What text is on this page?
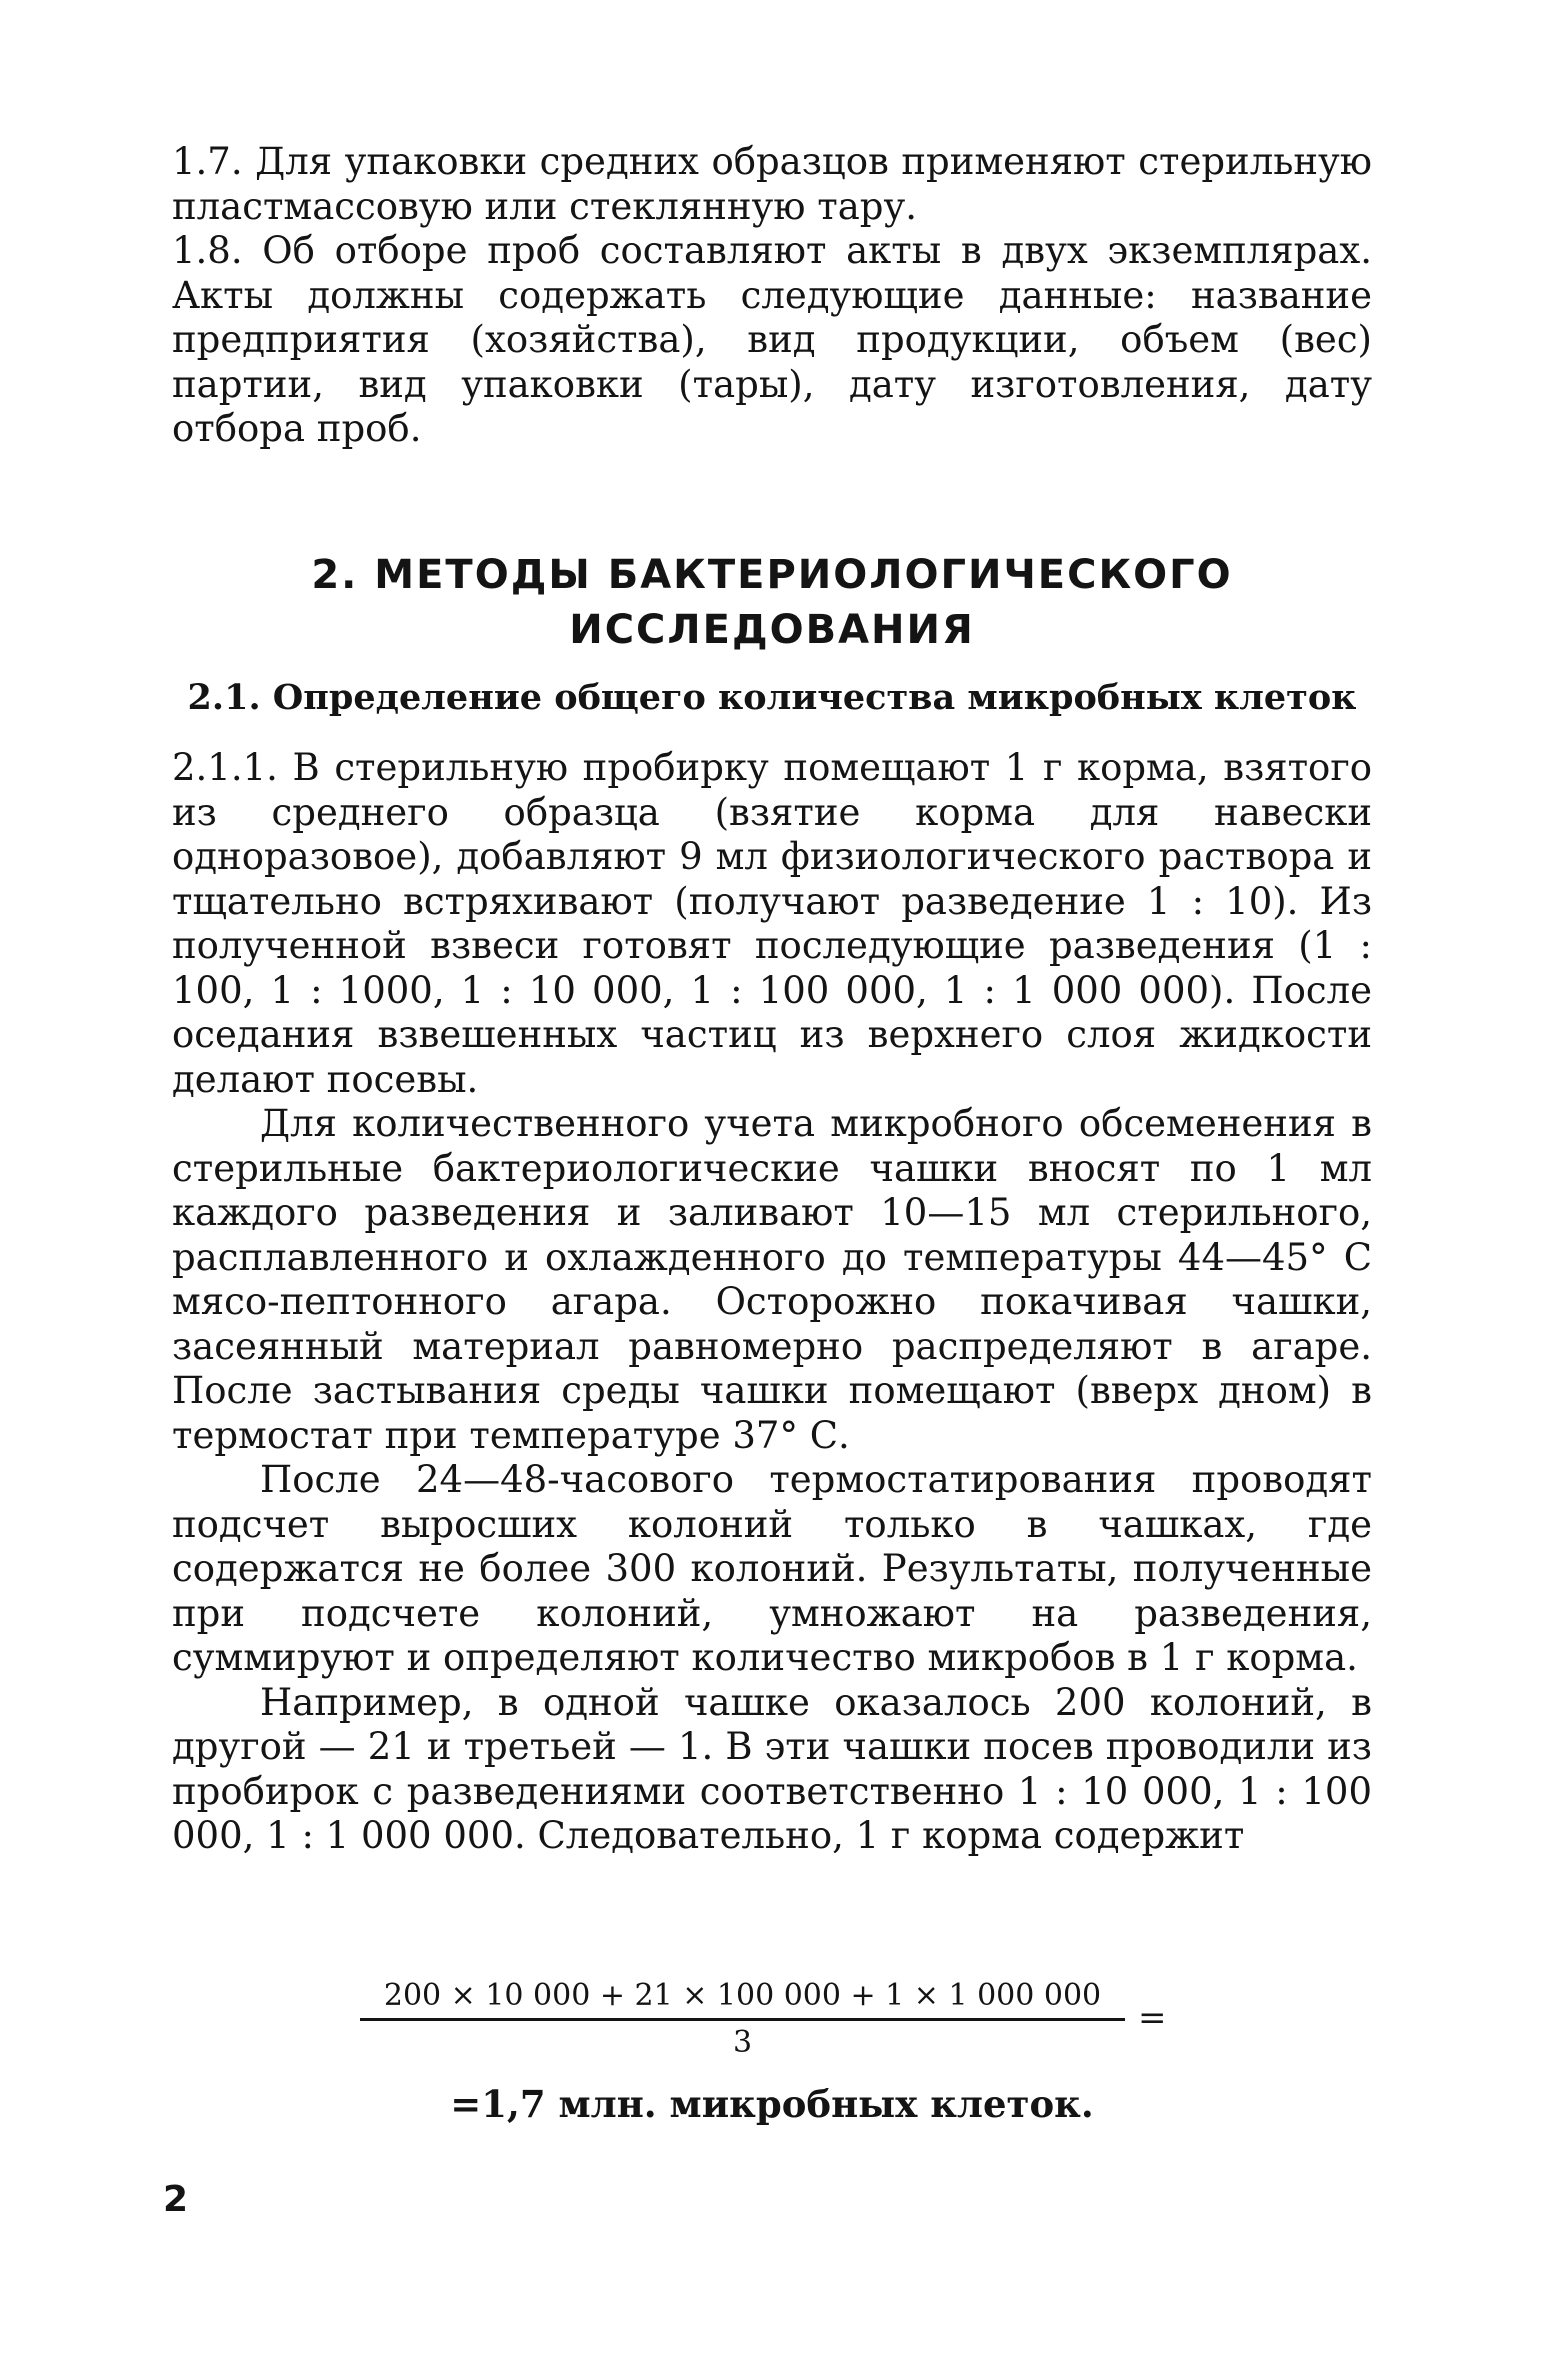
1.7. Для упаковки средних образцов применяют стерильную пластмассовую или стеклянную тару.

1.8. Об отборе проб составляют акты в двух экземплярах. Акты должны содержать следующие данные: название предприятия (хозяйства), вид продукции, объем (вес) партии, вид упаковки (тары), дату изготовления, дату отбора проб.

2. МЕТОДЫ БАКТЕРИОЛОГИЧЕСКОГО
ИССЛЕДОВАНИЯ
2.1. Определение общего количества микробных клеток

2.1.1. В стерильную пробирку помещают 1 г корма, взятого из среднего образца (взятие корма для навески одноразовое), добавляют 9 мл физиологического раствора и тщательно встряхивают (получают разведение 1 : 10). Из полученной взвеси готовят последующие разведения (1 : 100, 1 : 1000, 1 : 10 000, 1 : 100 000, 1 : 1 000 000). После оседания взвешенных частиц из верхнего слоя жидкости делают посевы.

Для количественного учета микробного обсеменения в стерильные бактериологические чашки вносят по 1 мл каждого разведения и заливают 10—15 мл стерильного, расплавленного и охлажденного до температуры 44—45° С мясо-пептонного агара. Осторожно покачивая чашки, засеянный материал равномерно распределяют в агаре. После застывания среды чашки помещают (вверх дном) в термостат при температуре 37° С.

После 24—48-часового термостатирования проводят подсчет выросших колоний только в чашках, где содержатся не более 300 колоний. Результаты, полученные при подсчете колоний, умножают на разведения, суммируют и определяют количество микробов в 1 г корма.

Например, в одной чашке оказалось 200 колоний, в другой — 21 и третьей — 1. В эти чашки посев проводили из пробирок с разведениями соответственно 1 : 10 000, 1 : 100 000, 1 : 1 000 000. Следовательно, 1 г корма содержит

200 × 10 000 + 21 × 100 000 + 1 × 1 000 000
=
3
=1,7 млн. микробных клеток.
2
